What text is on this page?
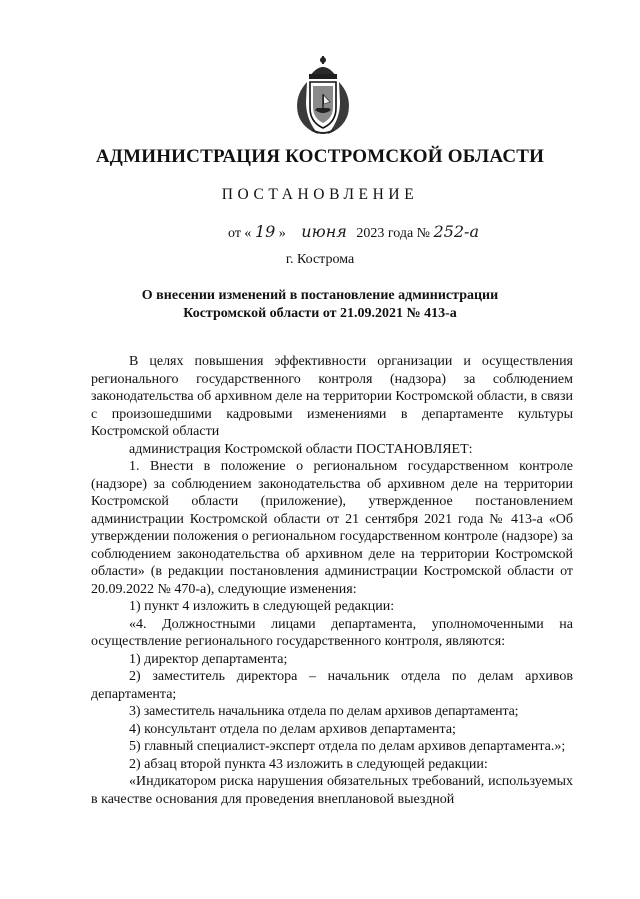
АДМИНИСТРАЦИЯ КОСТРОМСКОЙ ОБЛАСТИ
ПОСТАНОВЛЕНИЕ
от « 19 » июня 2023 года № 252-а
г. Кострома
О внесении изменений в постановление администрации
Костромской области от 21.09.2021 № 413-а

В целях повышения эффективности организации и осуществления регионального государственного контроля (надзора) за соблюдением законодательства об архивном деле на территории Костромской области, в связи с произошедшими кадровыми изменениями в департаменте культуры Костромской области

администрация Костромской области ПОСТАНОВЛЯЕТ:

1. Внести в положение о региональном государственном контроле (надзоре) за соблюдением законодательства об архивном деле на территории Костромской области (приложение), утвержденное постановлением администрации Костромской области от 21 сентября 2021 года № 413-а «Об утверждении положения о региональном государственном контроле (надзоре) за соблюдением законодательства об архивном деле на территории Костромской области» (в редакции постановления администрации Костромской области от 20.09.2022 № 470-а), следующие изменения:

1) пункт 4 изложить в следующей редакции:

«4. Должностными лицами департамента, уполномоченными на осуществление регионального государственного контроля, являются:

1) директор департамента;

2) заместитель директора – начальник отдела по делам архивов департамента;

3) заместитель начальника отдела по делам архивов департамента;

4) консультант отдела по делам архивов департамента;

5) главный специалист-эксперт отдела по делам архивов департамента.»;

2) абзац второй пункта 43 изложить в следующей редакции:

«Индикатором риска нарушения обязательных требований, используемых в качестве основания для проведения внеплановой выездной
